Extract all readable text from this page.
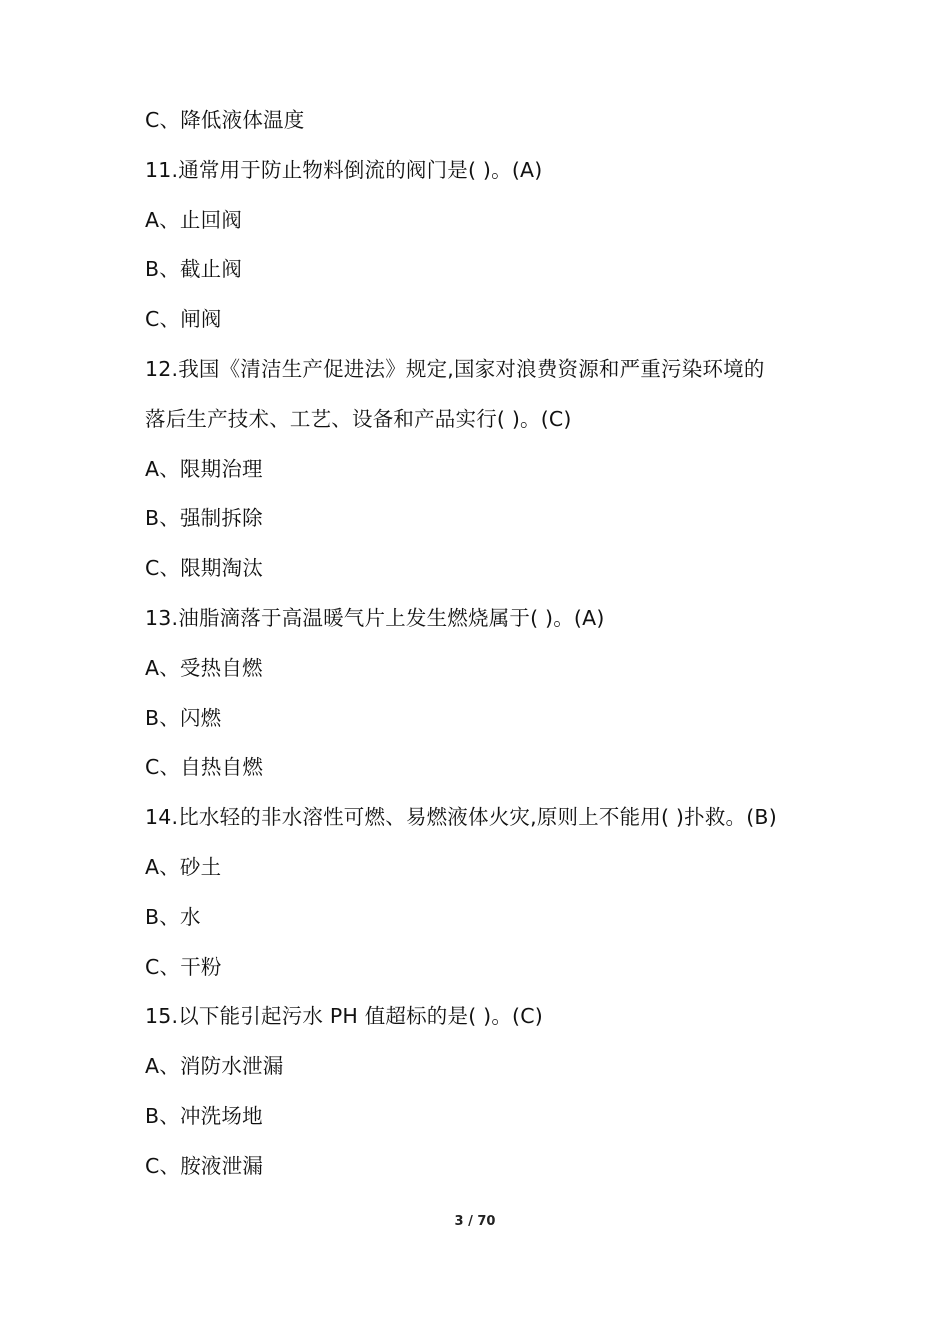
C、降低液体温度
11.通常用于防止物料倒流的阀门是( )。(A)
A、止回阀
B、截止阀
C、闸阀
12.我国《清洁生产促进法》规定,国家对浪费资源和严重污染环境的
落后生产技术、工艺、设备和产品实行( )。(C)
A、限期治理
B、强制拆除
C、限期淘汰
13.油脂滴落于高温暖气片上发生燃烧属于( )。(A)
A、受热自燃
B、闪燃
C、自热自燃
14.比水轻的非水溶性可燃、易燃液体火灾,原则上不能用( )扑救。(B)
A、砂土
B、水
C、干粉
15.以下能引起污水 PH 值超标的是( )。(C)
A、消防水泄漏
B、冲洗场地
C、胺液泄漏
3 / 70
